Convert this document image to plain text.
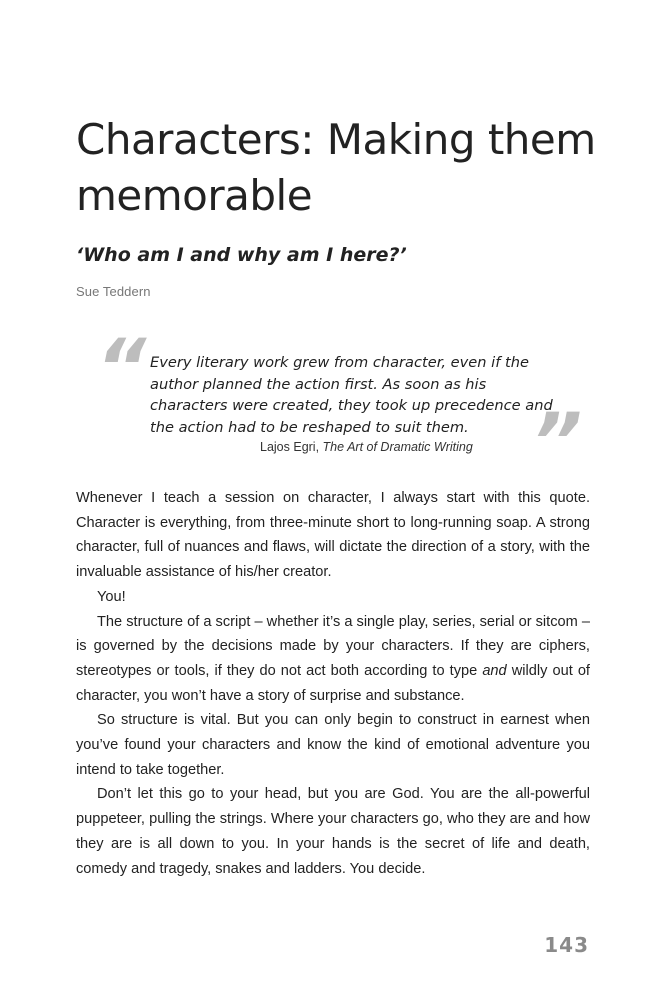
Characters: Making them memorable
‘Who am I and why am I here?’
Sue Teddern
“ Every literary work grew from character, even if the author planned the action first. As soon as his characters were created, they took up precedence and the action had to be reshaped to suit them. ”
Lajos Egri, The Art of Dramatic Writing

Whenever I teach a session on character, I always start with this quote. Character is everything, from three-minute short to long-running soap. A strong character, full of nuances and flaws, will dictate the direction of a story, with the invaluable assistance of his/her creator.

You!

The structure of a script – whether it’s a single play, series, serial or sitcom – is governed by the decisions made by your characters. If they are ciphers, stereotypes or tools, if they do not act both according to type and wildly out of character, you won’t have a story of surprise and substance.

So structure is vital. But you can only begin to construct in earnest when you’ve found your characters and know the kind of emotional adventure you intend to take together.

Don’t let this go to your head, but you are God. You are the all-powerful puppeteer, pulling the strings. Where your characters go, who they are and how they are is all down to you. In your hands is the secret of life and death, comedy and tragedy, snakes and ladders. You decide.

143
